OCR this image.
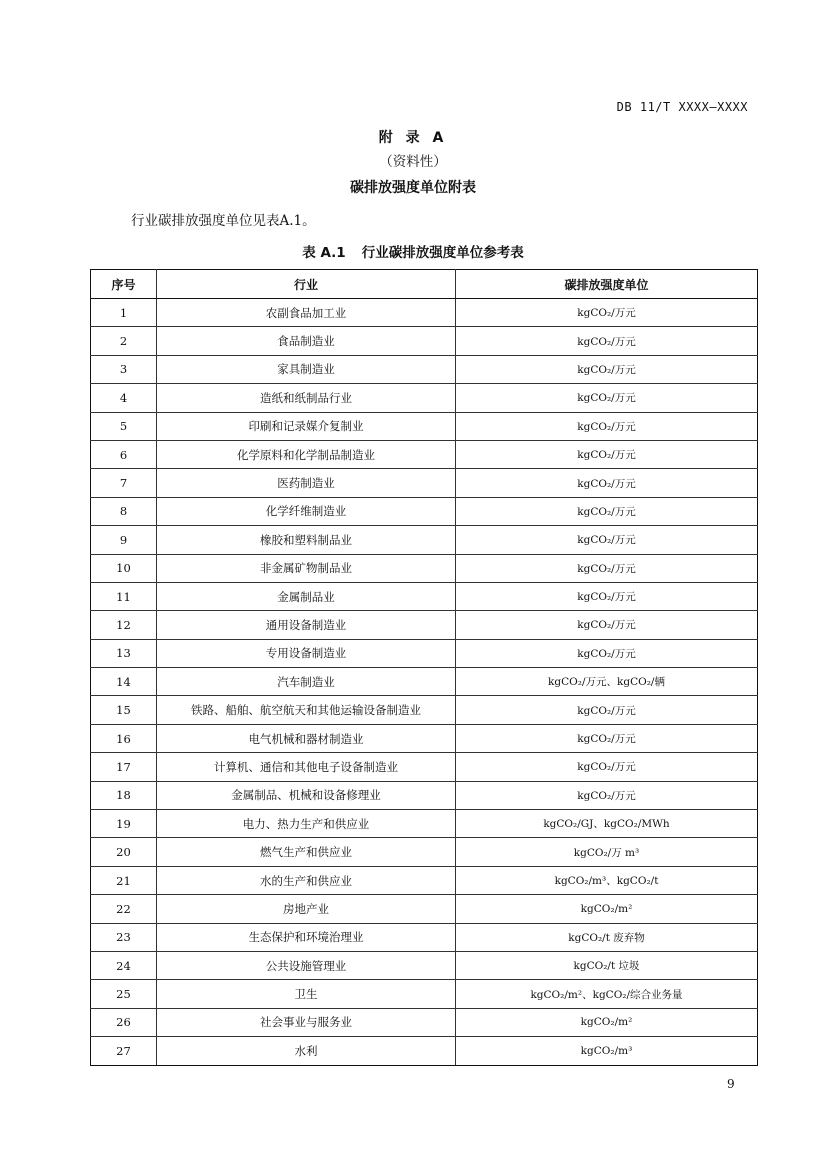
DB 11/T XXXX—XXXX
附 录 A
（资料性）
碳排放强度单位附表
行业碳排放强度单位见表A.1。
表 A.1 行业碳排放强度单位参考表
序号	行业	碳排放强度单位
1	农副食品加工业	kgCO₂/万元
2	食品制造业	kgCO₂/万元
3	家具制造业	kgCO₂/万元
4	造纸和纸制品行业	kgCO₂/万元
5	印刷和记录媒介复制业	kgCO₂/万元
6	化学原料和化学制品制造业	kgCO₂/万元
7	医药制造业	kgCO₂/万元
8	化学纤维制造业	kgCO₂/万元
9	橡胶和塑料制品业	kgCO₂/万元
10	非金属矿物制品业	kgCO₂/万元
11	金属制品业	kgCO₂/万元
12	通用设备制造业	kgCO₂/万元
13	专用设备制造业	kgCO₂/万元
14	汽车制造业	kgCO₂/万元、kgCO₂/辆
15	铁路、船舶、航空航天和其他运输设备制造业	kgCO₂/万元
16	电气机械和器材制造业	kgCO₂/万元
17	计算机、通信和其他电子设备制造业	kgCO₂/万元
18	金属制品、机械和设备修理业	kgCO₂/万元
19	电力、热力生产和供应业	kgCO₂/GJ、kgCO₂/MWh
20	燃气生产和供应业	kgCO₂/万 m³
21	水的生产和供应业	kgCO₂/m³、kgCO₂/t
22	房地产业	kgCO₂/m²
23	生态保护和环境治理业	kgCO₂/t 废弃物
24	公共设施管理业	kgCO₂/t 垃圾
25	卫生	kgCO₂/m²、kgCO₂/综合业务量
26	社会事业与服务业	kgCO₂/m²
27	水利	kgCO₂/m³
9
